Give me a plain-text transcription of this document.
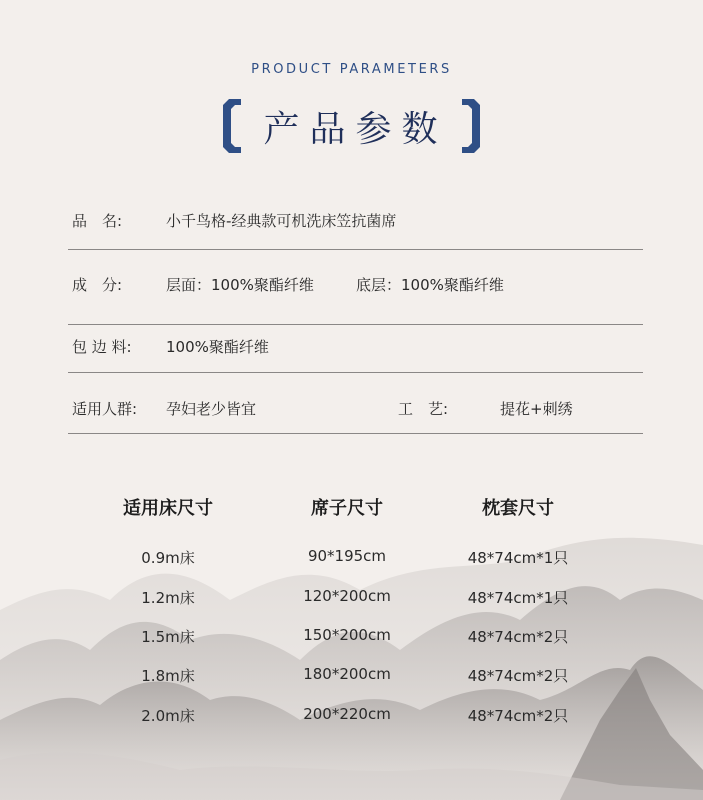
PRODUCT PARAMETERS
产品参数
品　名:	小千鸟格-经典款可机洗床笠抗菌席
成　分:	层面：100%聚酯纤维	底层：100%聚酯纤维
包 边 料: 100%聚酯纤维
适用人群: 孕妇老少皆宜	工　艺:	提花+刺绣
适用床尺寸	席子尺寸	枕套尺寸
0.9m床	90*195cm	48*74cm*1只
1.2m床	120*200cm	48*74cm*1只
1.5m床	150*200cm	48*74cm*2只
1.8m床	180*200cm	48*74cm*2只
2.0m床	200*220cm	48*74cm*2只
